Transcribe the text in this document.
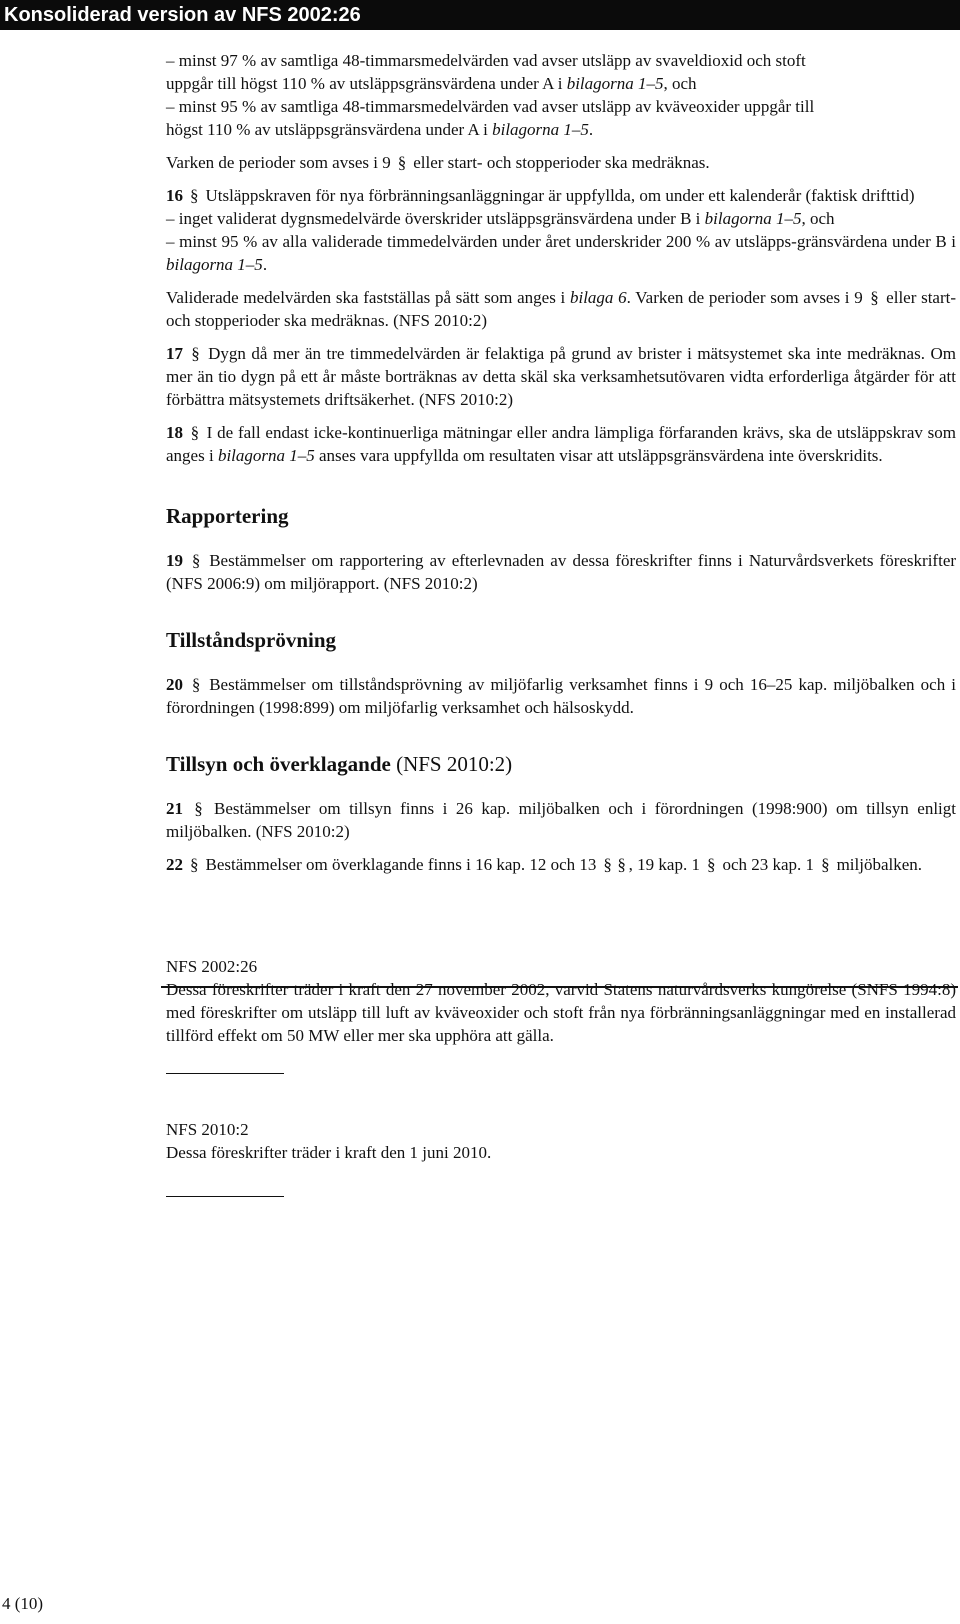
Konsoliderad version av NFS 2002:26

– minst 97 % av samtliga 48-timmarsmedelvärden vad avser utsläpp av svaveldioxid och stoft

uppgår till högst 110 % av utsläppsgränsvärdena under A i bilagorna 1–5, och

– minst 95 % av samtliga 48-timmarsmedelvärden vad avser utsläpp av kväveoxider uppgår till

högst 110 % av utsläppsgränsvärdena under A i bilagorna 1–5.

Varken de perioder som avses i 9 § eller start- och stopperioder ska medräknas.

16 § Utsläppskraven för nya förbränningsanläggningar är uppfyllda, om under ett kalenderår (faktisk drifttid)

– inget validerat dygnsmedelvärde överskrider utsläppsgränsvärdena under B i bilagorna 1–5, och

– minst 95 % av alla validerade timmedelvärden under året underskrider 200 % av utsläpps-gränsvärdena under B i bilagorna 1–5.

Validerade medelvärden ska fastställas på sätt som anges i bilaga 6. Varken de perioder som avses i 9 § eller start- och stopperioder ska medräknas. (NFS 2010:2)

17 § Dygn då mer än tre timmedelvärden är felaktiga på grund av brister i mätsystemet ska inte medräknas. Om mer än tio dygn på ett år måste borträknas av detta skäl ska verksamhetsutövaren vidta erforderliga åtgärder för att förbättra mätsystemets driftsäkerhet. (NFS 2010:2)

18 § I de fall endast icke-kontinuerliga mätningar eller andra lämpliga förfaranden krävs, ska de utsläppskrav som anges i bilagorna 1–5 anses vara uppfyllda om resultaten visar att utsläppsgränsvärdena inte överskridits.

Rapportering

19 § Bestämmelser om rapportering av efterlevnaden av dessa föreskrifter finns i Naturvårdsverkets föreskrifter (NFS 2006:9) om miljörapport. (NFS 2010:2)

Tillståndsprövning

20 § Bestämmelser om tillståndsprövning av miljöfarlig verksamhet finns i 9 och 16–25 kap. miljöbalken och i förordningen (1998:899) om miljöfarlig verksamhet och hälsoskydd.

Tillsyn och överklagande (NFS 2010:2)

21 § Bestämmelser om tillsyn finns i 26 kap. miljöbalken och i förordningen (1998:900) om tillsyn enligt miljöbalken. (NFS 2010:2)

22 § Bestämmelser om överklagande finns i 16 kap. 12 och 13 § § , 19 kap. 1 § och 23 kap. 1 § miljöbalken.

NFS 2002:26

Dessa föreskrifter träder i kraft den 27 november 2002, varvid Statens naturvårdsverks kungörelse (SNFS 1994:8) med föreskrifter om utsläpp till luft av kväveoxider och stoft från nya förbränningsanläggningar med en installerad tillförd effekt om 50 MW eller mer ska upphöra att gälla.

NFS 2010:2

Dessa föreskrifter träder i kraft den 1 juni 2010.

4 (10)
